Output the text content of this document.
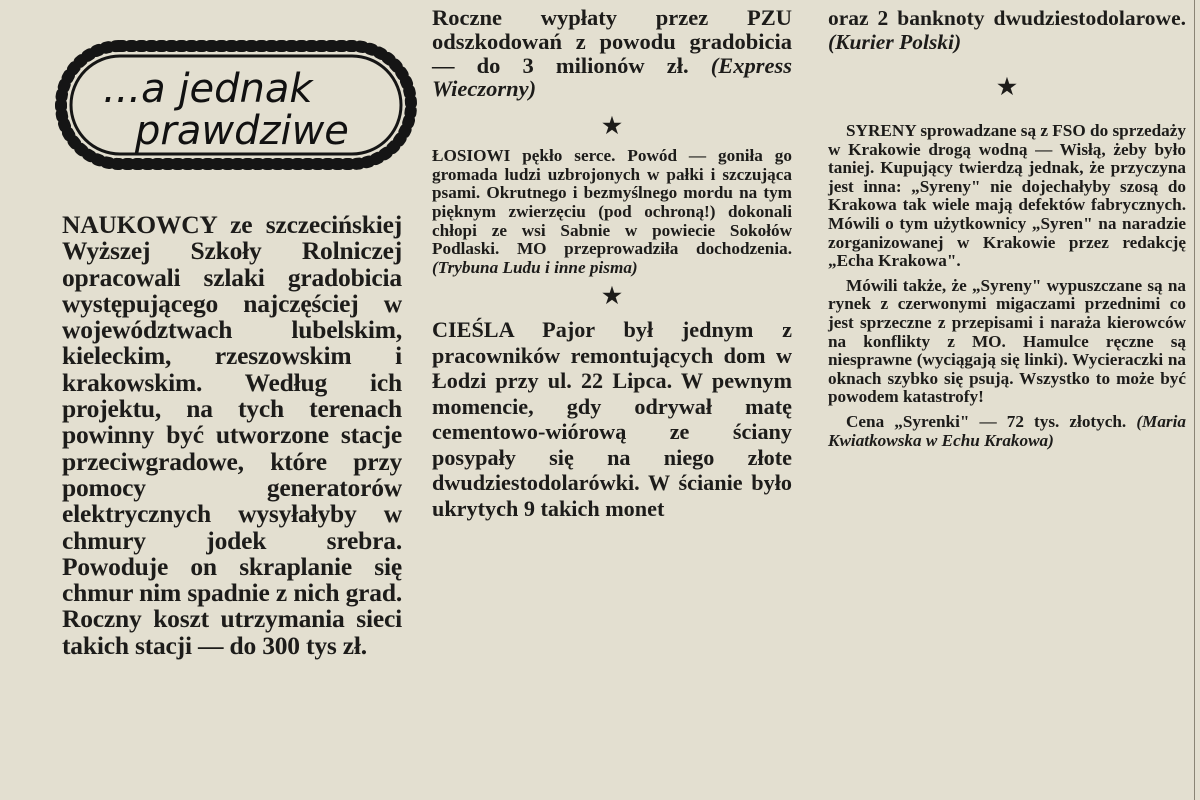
...a jednak
prawdziwe

NAUKOWCY ze szczecińskiej Wyższej Szkoły Rolniczej opracowali szlaki gradobicia występującego najczęściej w województwach lubelskim, kieleckim, rzeszowskim i krakowskim. Według ich projektu, na tych terenach powinny być utworzone stacje przeciwgradowe, które przy pomocy generatorów elektrycznych wysyłałyby w chmury jodek srebra. Powoduje on skraplanie się chmur nim spadnie z nich grad. Roczny koszt utrzymania sieci takich stacji — do 300 tys zł.

Roczne wypłaty przez PZU odszkodowań z powodu gradobicia — do 3 milionów zł. (Express Wieczorny)

★

ŁOSIOWI pękło serce. Powód — goniła go gromada ludzi uzbrojonych w pałki i szczująca psami. Okrutnego i bezmyślnego mordu na tym pięknym zwierzęciu (pod ochroną!) dokonali chłopi ze wsi Sabnie w powiecie Sokołów Podlaski. MO przeprowadziła dochodzenia. (Trybuna Ludu i inne pisma)

★

CIEŚLA Pajor był jednym z pracowników remontujących dom w Łodzi przy ul. 22 Lipca. W pewnym momencie, gdy odrywał matę cementowo-wiórową ze ściany posypały się na niego złote dwudziestodolarówki. W ścianie było ukrytych 9 takich monet

oraz 2 banknoty dwudziestodolarowe. (Kurier Polski)

★

SYRENY sprowadzane są z FSO do sprzedaży w Krakowie drogą wodną — Wisłą, żeby było taniej. Kupujący twierdzą jednak, że przyczyna jest inna: „Syreny" nie dojechałyby szosą do Krakowa tak wiele mają defektów fabrycznych. Mówili o tym użytkownicy „Syren" na naradzie zorganizowanej w Krakowie przez redakcję „Echa Krakowa".

Mówili także, że „Syreny" wypuszczane są na rynek z czerwonymi migaczami przednimi co jest sprzeczne z przepisami i naraża kierowców na konflikty z MO. Hamulce ręczne są niesprawne (wyciągają się linki). Wycieraczki na oknach szybko się psują. Wszystko to może być powodem katastrofy!

Cena „Syrenki" — 72 tys. złotych. (Maria Kwiatkowska w Echu Krakowa)
